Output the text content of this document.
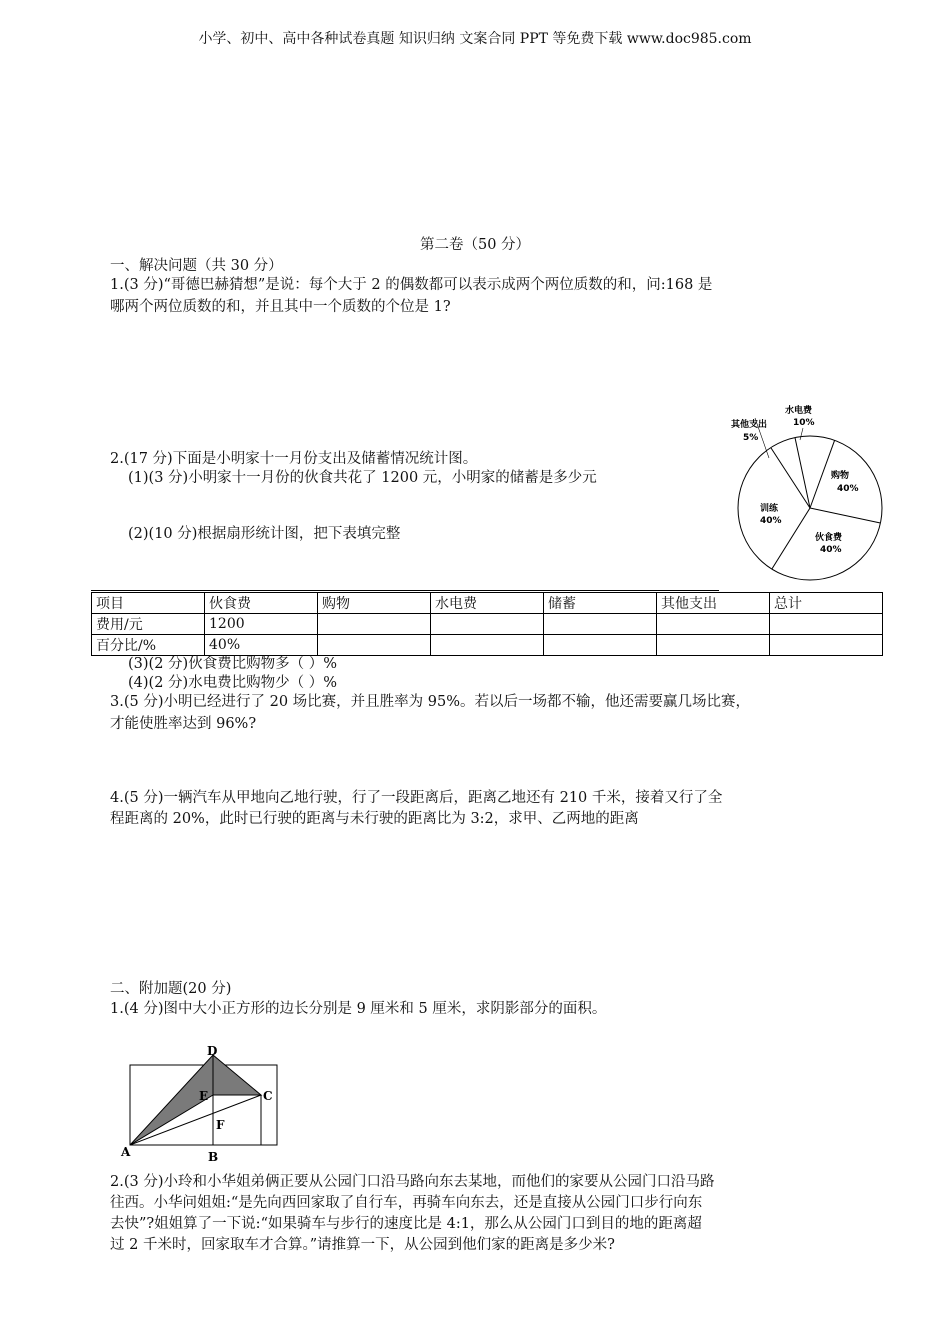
小学、初中、高中各种试卷真题 知识归纳 文案合同 PPT 等免费下载 www.doc985.com
第二卷（50 分）
一、解决问题（共 30 分）
1.(3 分)“哥德巴赫猜想”是说：每个大于 2 的偶数都可以表示成两个两位质数的和，问:168 是
哪两个两位质数的和，并且其中一个质数的个位是 1?
2.(17 分)下面是小明家十一月份支出及储蓄情况统计图。
(1)(3 分)小明家十一月份的伙食共花了 1200 元，小明家的储蓄是多少元
(2)(10 分)根据扇形统计图，把下表填完整
水电费
10%
购物
40%
伙食费
40%
训练
40%
其他支出
5%
项目	伙食费	购物	水电费	储蓄	其他支出	总计
费用/元	1200					
百分比/%	40%					
(3)(2 分)伙食费比购物多（ ）%
(4)(2 分)水电费比购物少（ ）%
3.(5 分)小明已经进行了 20 场比赛，并且胜率为 95%。若以后一场都不输，他还需要赢几场比赛，
才能使胜率达到 96%?
4.(5 分)一辆汽车从甲地向乙地行驶，行了一段距离后，距离乙地还有 210 千米，接着又行了全
程距离的 20%，此时已行驶的距离与未行驶的距离比为 3:2，求甲、乙两地的距离
二、附加题(20 分)
1.(4 分)图中大小正方形的边长分别是 9 厘米和 5 厘米，求阴影部分的面积。
D
E	C
F
A	B
2.(3 分)小玲和小华姐弟俩正要从公园门口沿马路向东去某地，而他们的家要从公园门口沿马路
往西。小华问姐姐:“是先向西回家取了自行车，再骑车向东去，还是直接从公园门口步行向东
去快”?姐姐算了一下说:“如果骑车与步行的速度比是 4:1，那么从公园门口到目的地的距离超
过 2 千米时，回家取车才合算。”请推算一下，从公园到他们家的距离是多少米?
